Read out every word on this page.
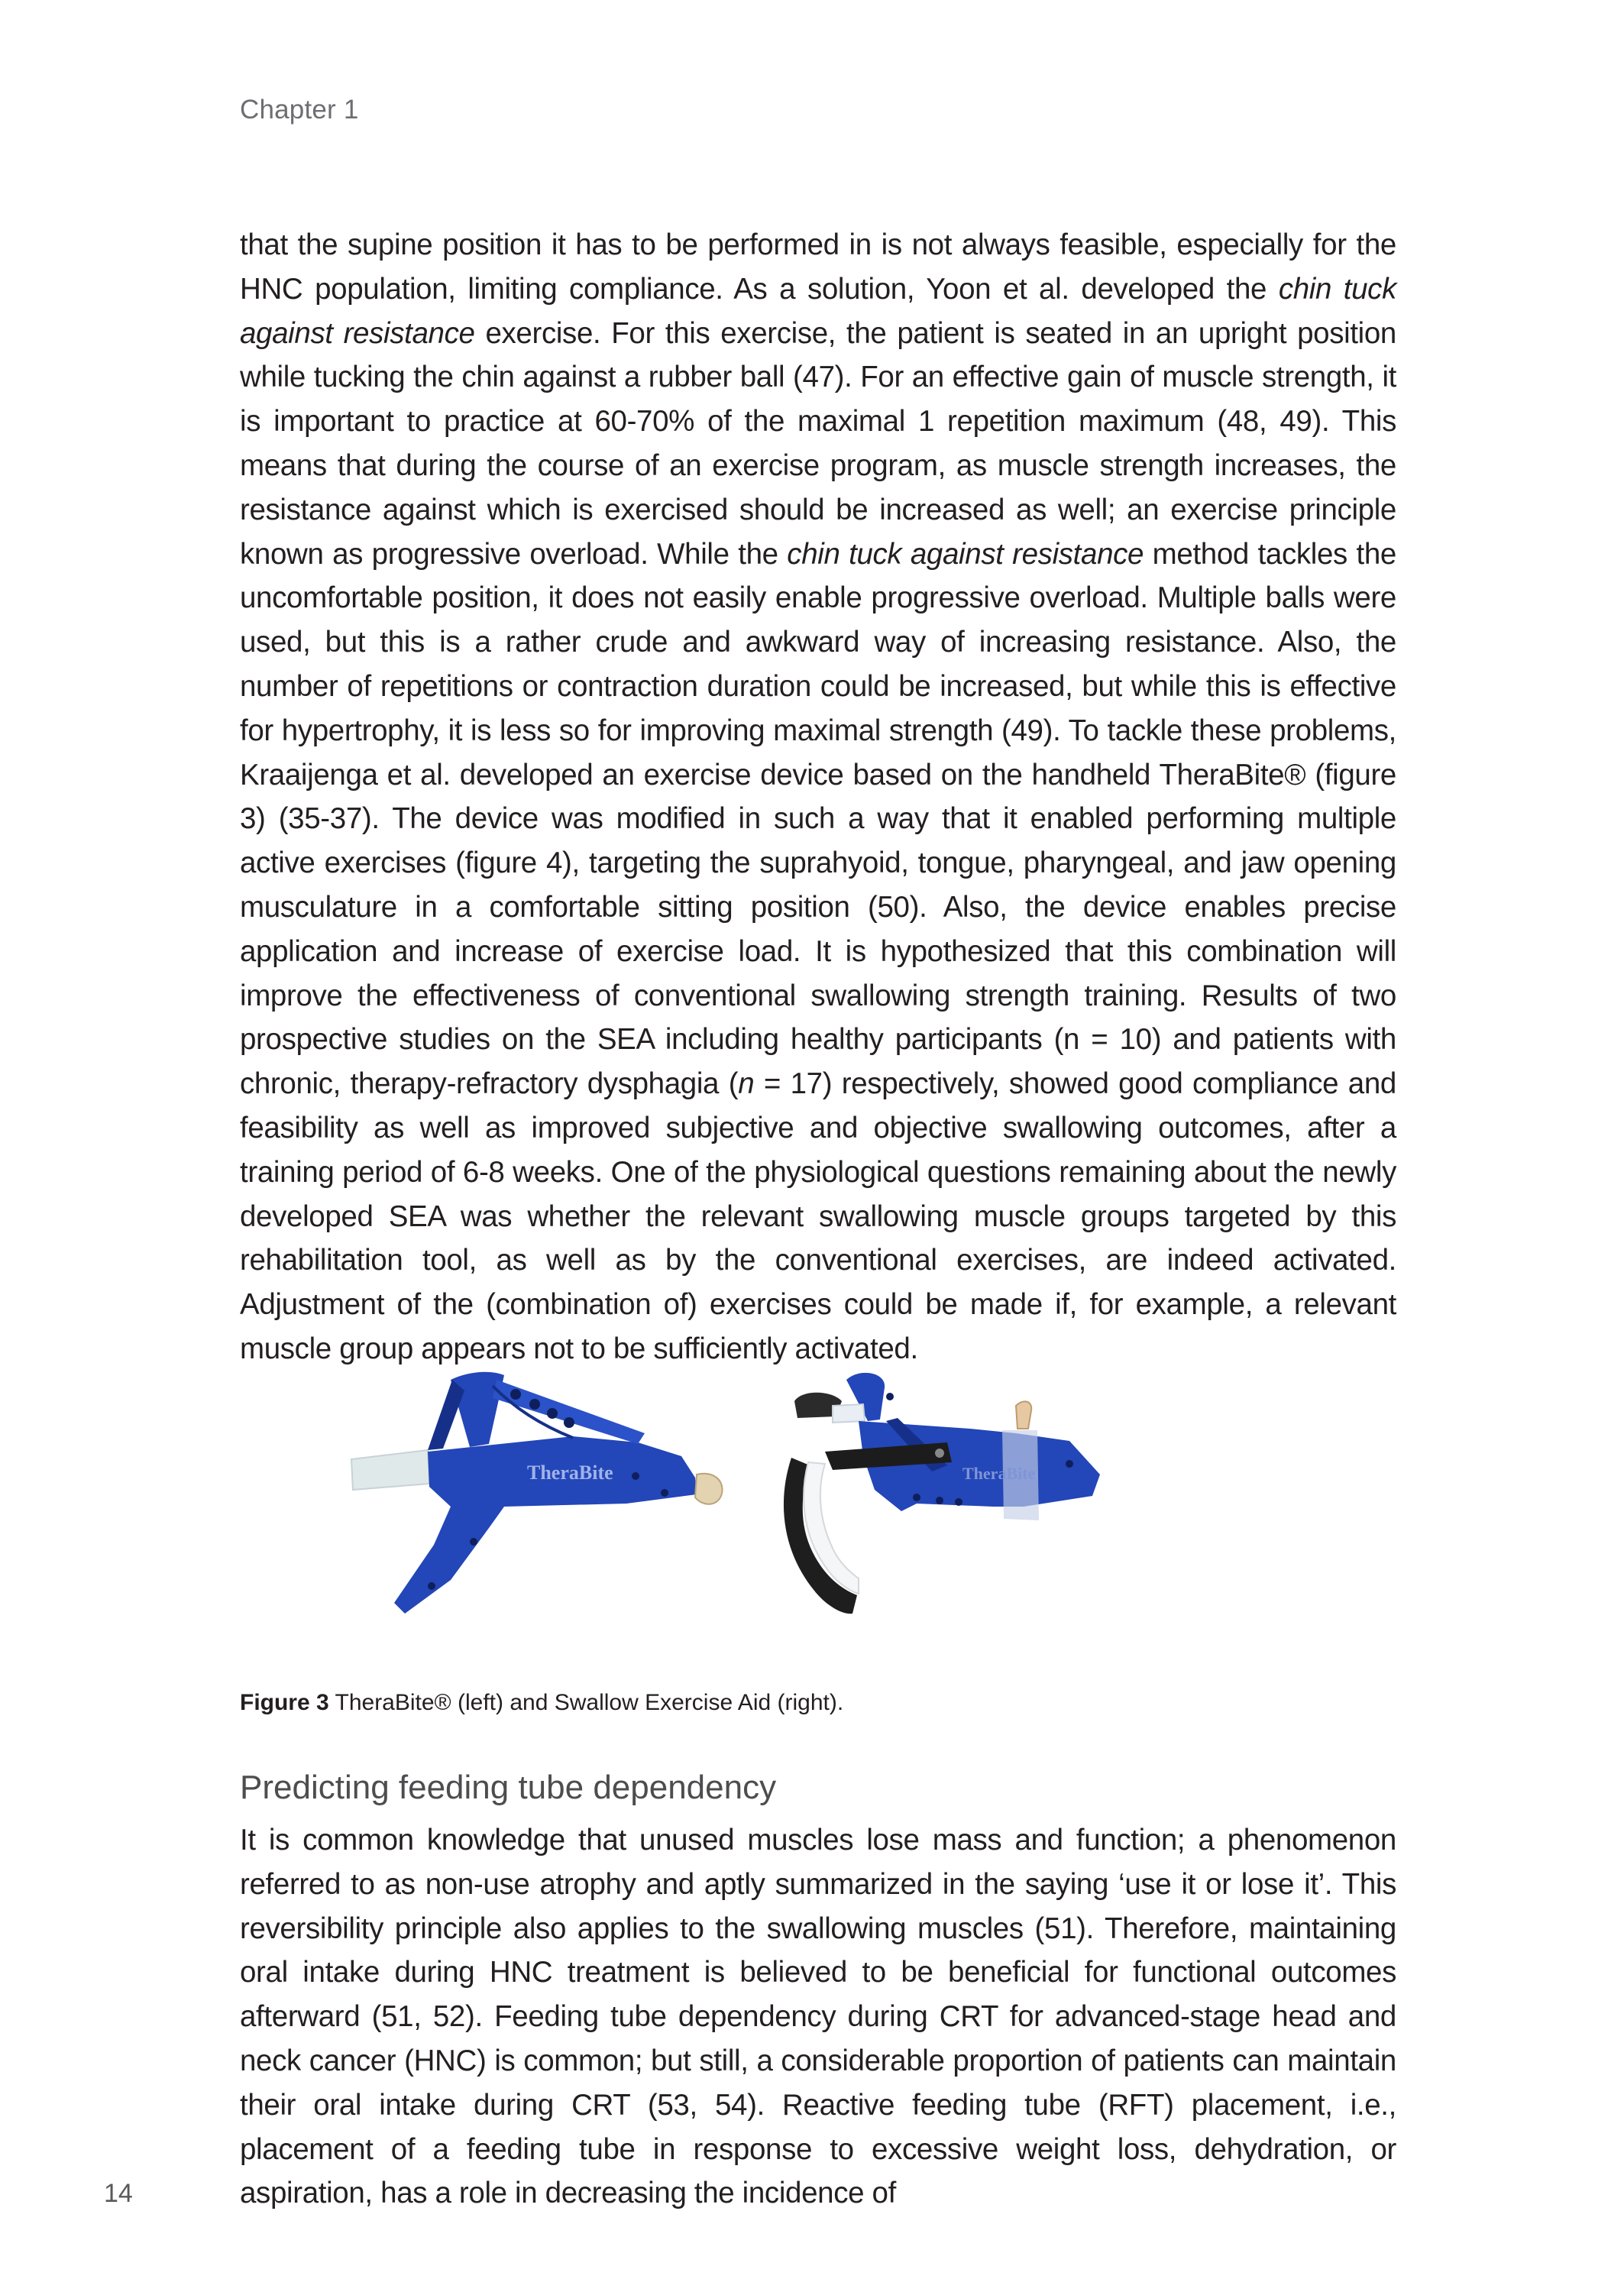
Chapter 1

that the supine position it has to be performed in is not always feasible, especially for the HNC population, limiting compliance. As a solution, Yoon et al. developed the chin tuck against resistance exercise. For this exercise, the patient is seated in an upright position while tucking the chin against a rubber ball (47). For an effective gain of muscle strength, it is important to practice at 60-70% of the maximal 1 repetition maximum (48, 49). This means that during the course of an exercise program, as muscle strength increases, the resistance against which is exercised should be increased as well; an exercise principle known as progressive overload. While the chin tuck against resistance method tackles the uncomfortable position, it does not easily enable progressive overload. Multiple balls were used, but this is a rather crude and awkward way of increasing resistance. Also, the number of repetitions or contraction duration could be increased, but while this is effective for hypertrophy, it is less so for improving maximal strength (49). To tackle these problems, Kraaijenga et al. developed an exercise device based on the handheld TheraBite® (figure 3) (35-37). The device was modified in such a way that it enabled performing multiple active exercises (figure 4), targeting the suprahyoid, tongue, pharyngeal, and jaw opening musculature in a comfortable sitting position (50). Also, the device enables precise application and increase of exercise load. It is hypothesized that this combination will improve the effectiveness of conventional swallowing strength training. Results of two prospective studies on the SEA including healthy participants (n = 10) and patients with chronic, therapy-refractory dysphagia (n = 17) respectively, showed good compliance and feasibility as well as improved subjective and objective swallowing outcomes, after a training period of 6-8 weeks. One of the physiological questions remaining about the newly developed SEA was whether the relevant swallowing muscle groups targeted by this rehabilitation tool, as well as by the conventional exercises, are indeed activated. Adjustment of the (combination of) exercises could be made if, for example, a relevant muscle group appears not to be sufficiently activated.

TheraBite	TheraBite
Figure 3 TheraBite® (left) and Swallow Exercise Aid (right).
Predicting feeding tube dependency

It is common knowledge that unused muscles lose mass and function; a phenomenon referred to as non-use atrophy and aptly summarized in the saying ‘use it or lose it’. This reversibility principle also applies to the swallowing muscles (51). Therefore, maintaining oral intake during HNC treatment is believed to be beneficial for functional outcomes afterward (51, 52). Feeding tube dependency during CRT for advanced-stage head and neck cancer (HNC) is common; but still, a considerable proportion of patients can maintain their oral intake during CRT (53, 54). Reactive feeding tube (RFT) placement, i.e., placement of a feeding tube in response to excessive weight loss, dehydration, or aspiration, has a role in decreasing the incidence of

14
